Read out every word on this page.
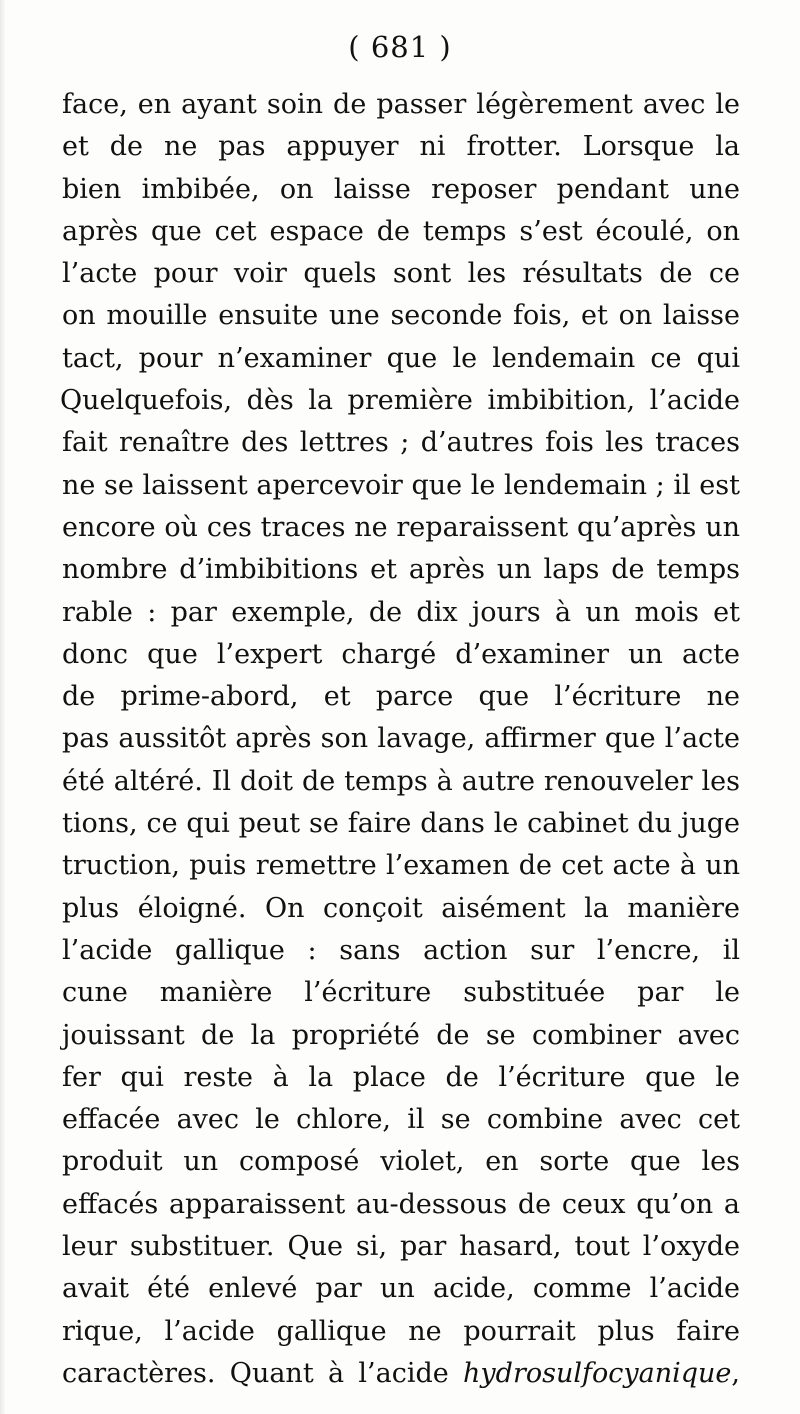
( 681 )
face, en ayant soin de passer légèrement avec le
et de ne pas appuyer ni frotter. Lorsque la
bien imbibée, on laisse reposer pendant une
après que cet espace de temps s’est écoulé, on
l’acte pour voir quels sont les résultats de ce
on mouille ensuite une seconde fois, et on laisse
tact, pour n’examiner que le lendemain ce qui
Quelquefois, dès la première imbibition, l’acide
fait renaître des lettres ; d’autres fois les traces
ne se laissent apercevoir que le lendemain ; il est
encore où ces traces ne reparaissent qu’après un
nombre d’imbibitions et après un laps de temps
rable : par exemple, de dix jours à un mois et
donc que l’expert chargé d’examiner un acte
de prime-abord, et parce que l’écriture ne
pas aussitôt après son lavage, affirmer que l’acte
été altéré. Il doit de temps à autre renouveler les
tions, ce qui peut se faire dans le cabinet du juge
truction, puis remettre l’examen de cet acte à un
plus éloigné. On conçoit aisément la manière
l’acide gallique : sans action sur l’encre, il
cune manière l’écriture substituée par le
jouissant de la propriété de se combiner avec
fer qui reste à la place de l’écriture que le
effacée avec le chlore, il se combine avec cet
produit un composé violet, en sorte que les
effacés apparaissent au-dessous de ceux qu’on a
leur substituer. Que si, par hasard, tout l’oxyde
avait été enlevé par un acide, comme l’acide
rique, l’acide gallique ne pourrait plus faire
caractères. Quant à l’acide hydrosulfocyanique,
